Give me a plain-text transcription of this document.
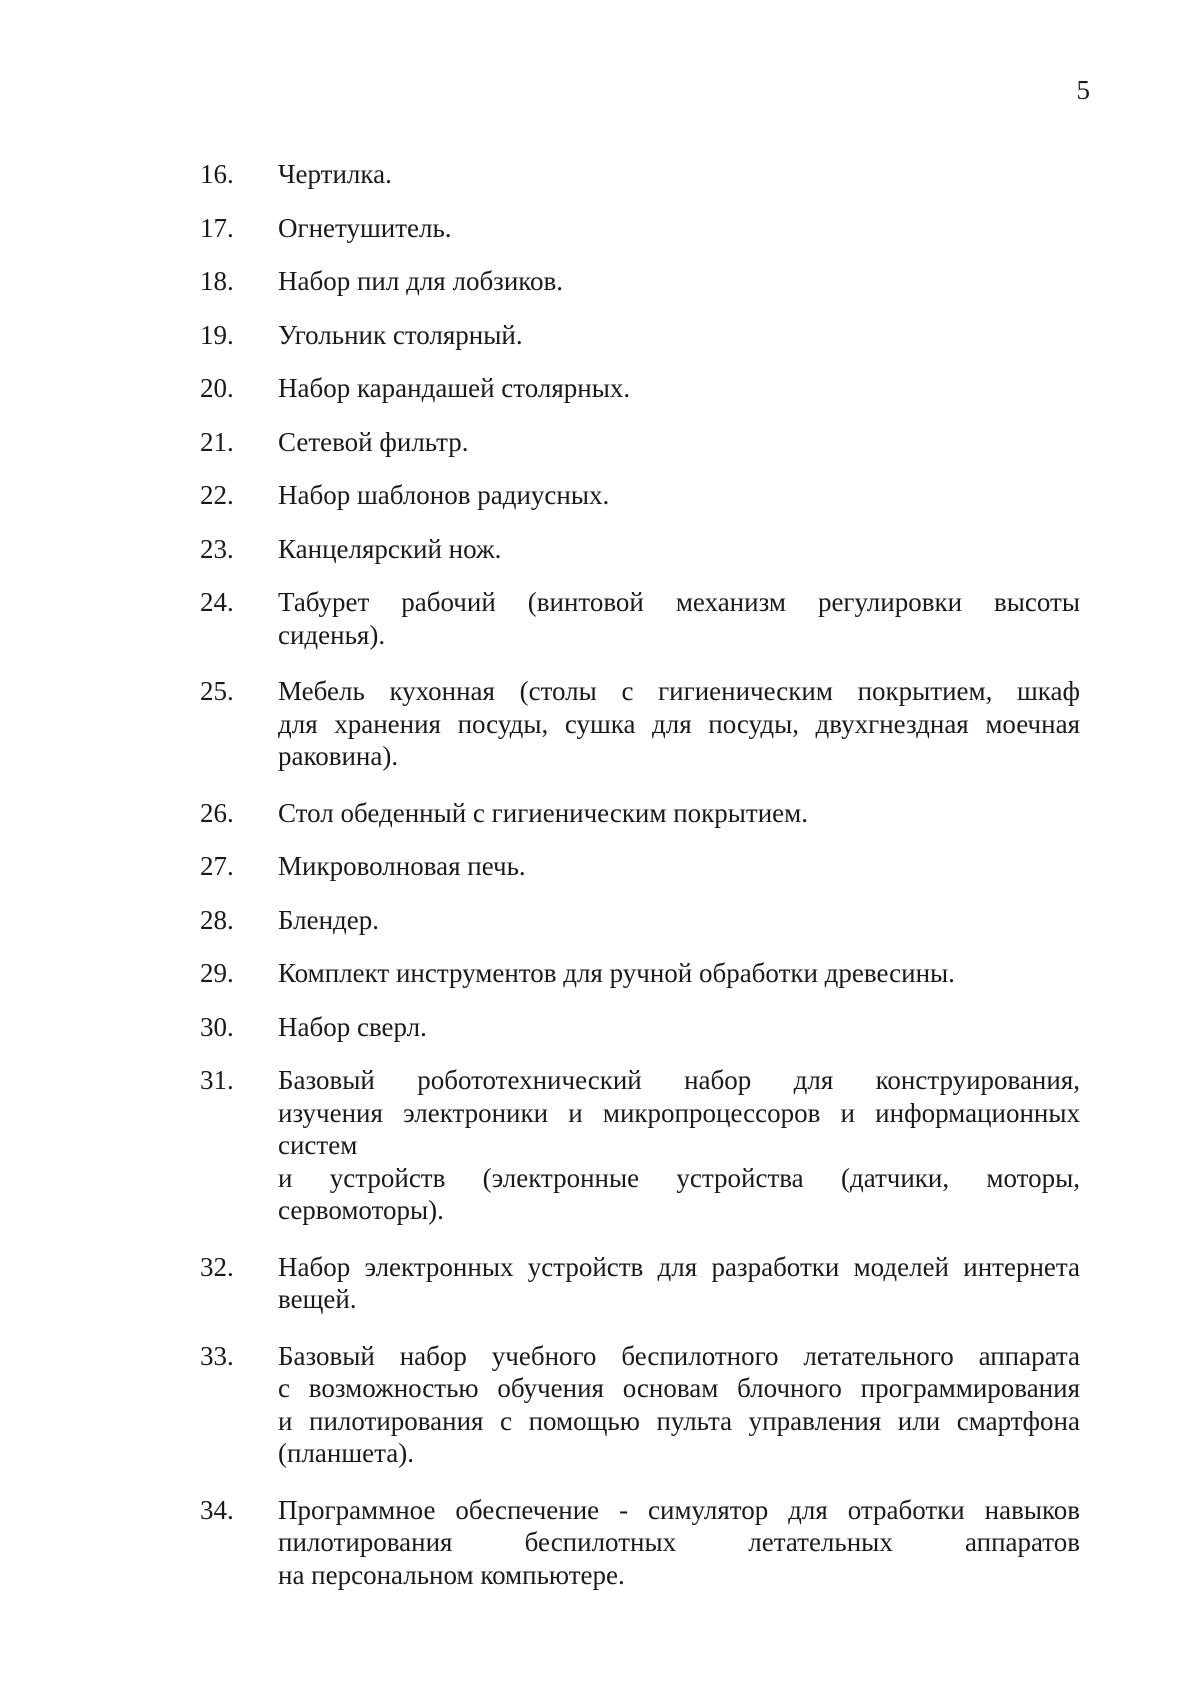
5
16.	Чертилка.
17.	Огнетушитель.
18.	Набор пил для лобзиков.
19.	Угольник столярный.
20.	Набор карандашей столярных.
21.	Сетевой фильтр.
22.	Набор шаблонов радиусных.
23.	Канцелярский нож.
24.	Табурет рабочий (винтовой механизм регулировки высоты
сиденья).
25.	Мебель кухонная (столы с гигиеническим покрытием, шкаф
для хранения посуды, сушка для посуды, двухгнездная моечная
раковина).
26.	Стол обеденный с гигиеническим покрытием.
27.	Микроволновая печь.
28.	Блендер.
29.	Комплект инструментов для ручной обработки древесины.
30.	Набор сверл.
31.	Базовый робототехнический набор для конструирования,
изучения электроники и микропроцессоров и информационных
систем
и устройств (электронные устройства (датчики, моторы,
сервомоторы).
32.	Набор электронных устройств для разработки моделей интернета
вещей.
33.	Базовый набор учебного беспилотного летательного аппарата
с возможностью обучения основам блочного программирования
и пилотирования с помощью пульта управления или смартфона
(планшета).
34.	Программное обеспечение - симулятор для отработки навыков
пилотирования беспилотных летательных аппаратов
на персональном компьютере.
